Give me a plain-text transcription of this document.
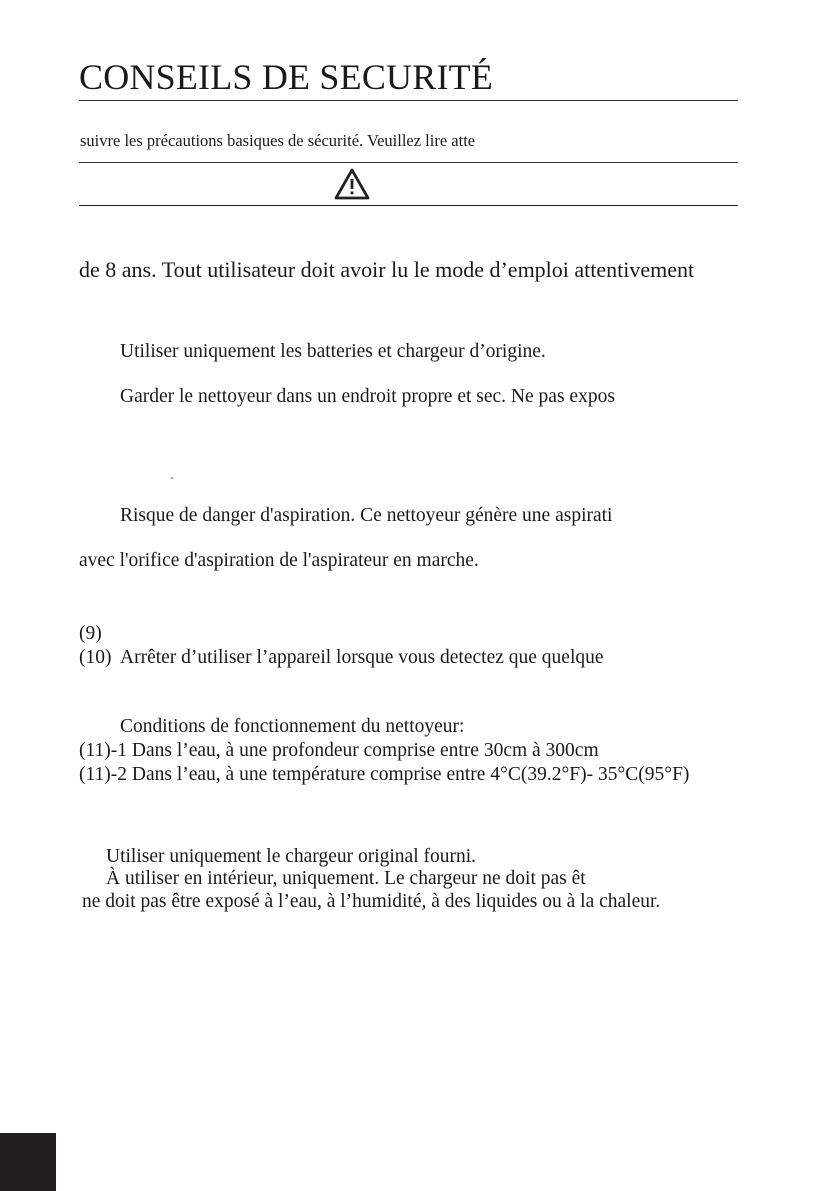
CONSEILS DE SECURITÉ
suivre les précautions basiques de sécurité. Veuillez lire atte
de 8 ans. Tout utilisateur doit avoir lu le mode d’emploi attentivement
Utiliser uniquement les batteries et chargeur d’origine.
Garder le nettoyeur dans un endroit propre et sec. Ne pas expos
-
Risque de danger d'aspiration. Ce nettoyeur génère une aspirati
avec l'orifice d'aspiration de l'aspirateur en marche.
(9)
(10) Arrêter d’utiliser l’appareil lorsque vous detectez que quelque
Conditions de fonctionnement du nettoyeur:
(11)-1 Dans l’eau, à une profondeur comprise entre 30cm à 300cm
(11)-2 Dans l’eau, à une température comprise entre 4°C(39.2°F)- 35°C(95°F)
Utiliser uniquement le chargeur original fourni.
À utiliser en intérieur, uniquement. Le chargeur ne doit pas êt
ne doit pas être exposé à l’eau, à l’humidité, à des liquides ou à la chaleur.
